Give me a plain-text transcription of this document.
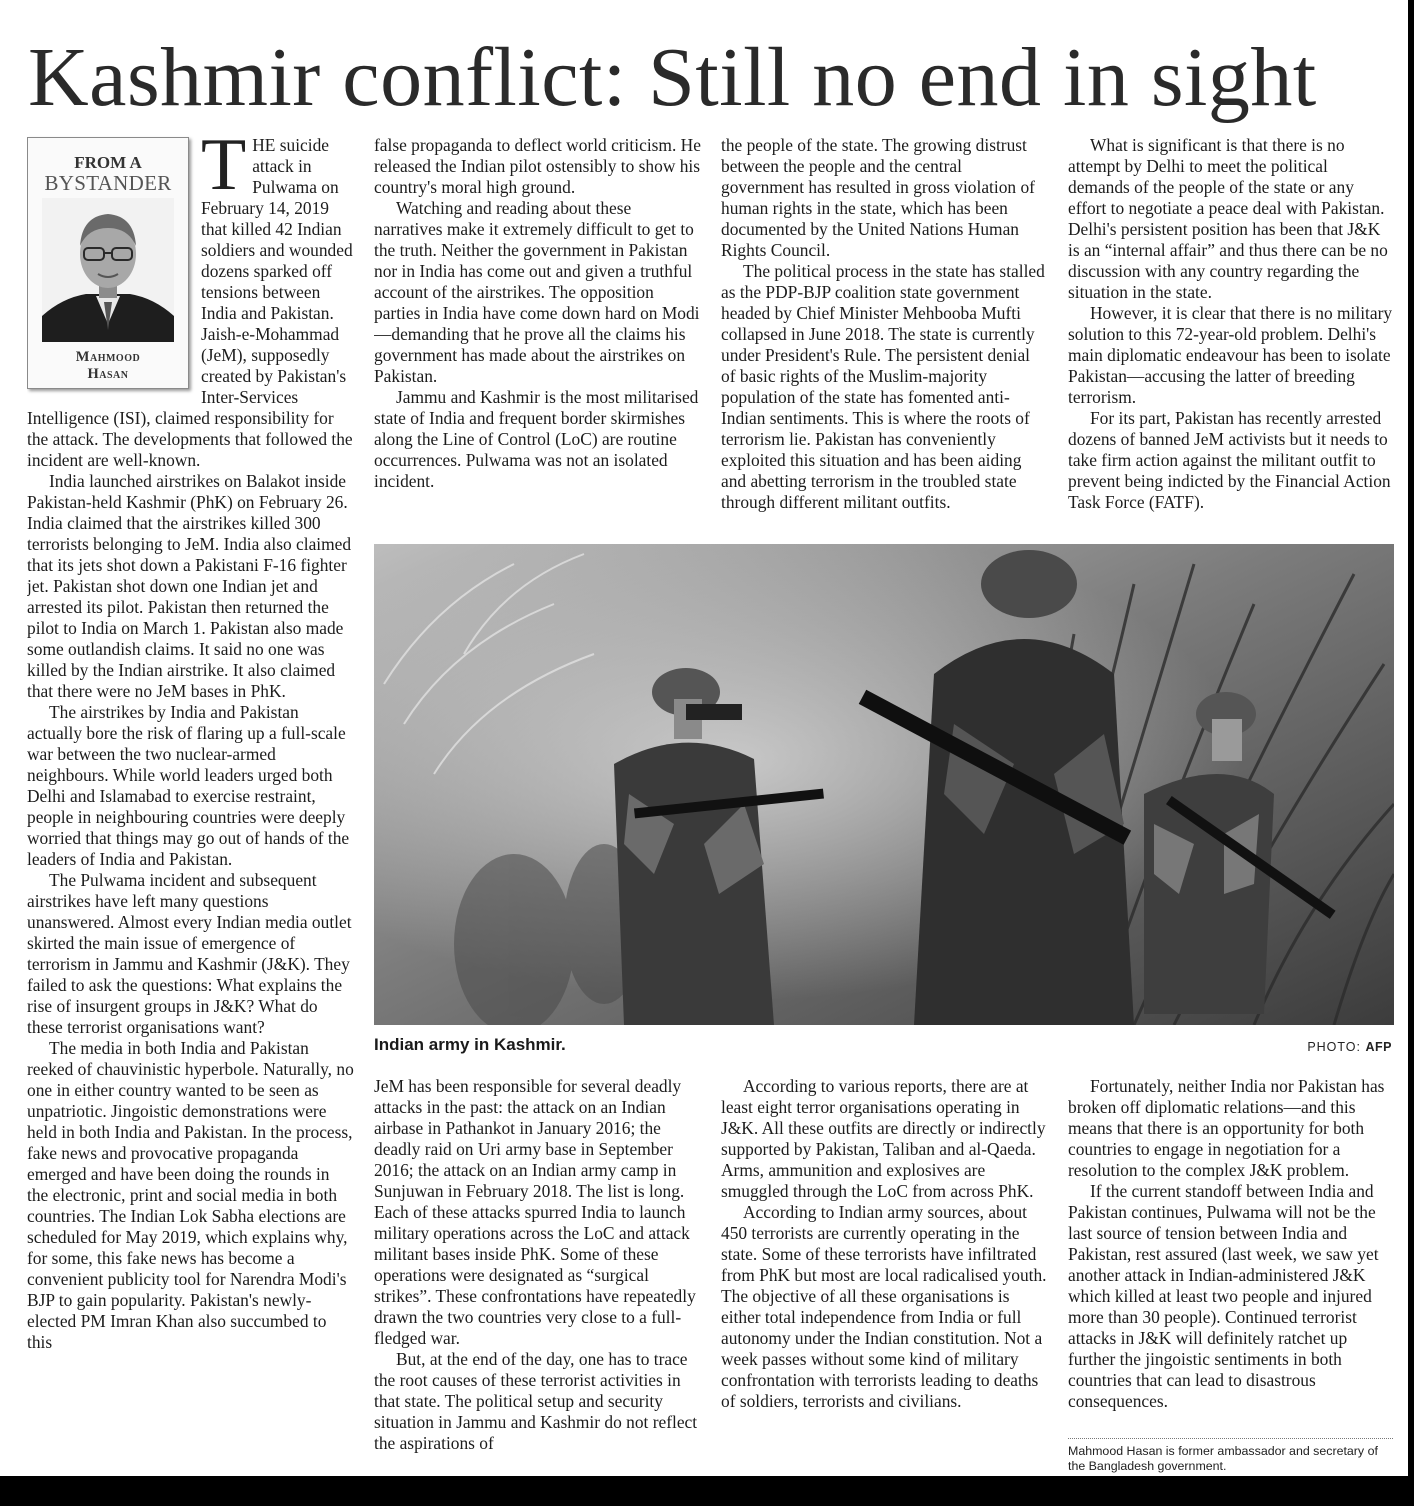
Kashmir conflict: Still no end in sight
FROM A
BYSTANDER
Mahmood
Hasan

THE suicide attack in Pulwama on February 14, 2019 that killed 42 Indian soldiers and wounded dozens sparked off tensions between India and Pakistan. Jaish-e-Mohammad (JeM), supposedly created by Pakistan's Inter-Services Intelligence (ISI), claimed responsibility for the attack. The developments that followed the incident are well-known.

India launched airstrikes on Balakot inside Pakistan-held Kashmir (PhK) on February 26. India claimed that the airstrikes killed 300 terrorists belonging to JeM. India also claimed that its jets shot down a Pakistani F-16 fighter jet. Pakistan shot down one Indian jet and arrested its pilot. Pakistan then returned the pilot to India on March 1. Pakistan also made some outlandish claims. It said no one was killed by the Indian airstrike. It also claimed that there were no JeM bases in PhK.

The airstrikes by India and Pakistan actually bore the risk of flaring up a full-scale war between the two nuclear-armed neighbours. While world leaders urged both Delhi and Islamabad to exercise restraint, people in neighbouring countries were deeply worried that things may go out of hands of the leaders of India and Pakistan.

The Pulwama incident and subsequent airstrikes have left many questions unanswered. Almost every Indian media outlet skirted the main issue of emergence of terrorism in Jammu and Kashmir (J&K). They failed to ask the questions: What explains the rise of insurgent groups in J&K? What do these terrorist organisations want?

The media in both India and Pakistan reeked of chauvinistic hyperbole. Naturally, no one in either country wanted to be seen as unpatriotic. Jingoistic demonstrations were held in both India and Pakistan. In the process, fake news and provocative propaganda emerged and have been doing the rounds in the electronic, print and social media in both countries. The Indian Lok Sabha elections are scheduled for May 2019, which explains why, for some, this fake news has become a convenient publicity tool for Narendra Modi's BJP to gain popularity. Pakistan's newly-elected PM Imran Khan also succumbed to this

false propaganda to deflect world criticism. He released the Indian pilot ostensibly to show his country's moral high ground.

Watching and reading about these narratives make it extremely difficult to get to the truth. Neither the government in Pakistan nor in India has come out and given a truthful account of the airstrikes. The opposition parties in India have come down hard on Modi—demanding that he prove all the claims his government has made about the airstrikes on Pakistan.

Jammu and Kashmir is the most militarised state of India and frequent border skirmishes along the Line of Control (LoC) are routine occurrences. Pulwama was not an isolated incident.

the people of the state. The growing distrust between the people and the central government has resulted in gross violation of human rights in the state, which has been documented by the United Nations Human Rights Council.

The political process in the state has stalled as the PDP-BJP coalition state government headed by Chief Minister Mehbooba Mufti collapsed in June 2018. The state is currently under President's Rule. The persistent denial of basic rights of the Muslim-majority population of the state has fomented anti-Indian sentiments. This is where the roots of terrorism lie. Pakistan has conveniently exploited this situation and has been aiding and abetting terrorism in the troubled state through different militant outfits.

What is significant is that there is no attempt by Delhi to meet the political demands of the people of the state or any effort to negotiate a peace deal with Pakistan. Delhi's persistent position has been that J&K is an “internal affair” and thus there can be no discussion with any country regarding the situation in the state.

However, it is clear that there is no military solution to this 72-year-old problem. Delhi's main diplomatic endeavour has been to isolate Pakistan—accusing the latter of breeding terrorism.

For its part, Pakistan has recently arrested dozens of banned JeM activists but it needs to take firm action against the militant outfit to prevent being indicted by the Financial Action Task Force (FATF).

Indian army in Kashmir.	PHOTO: AFP

JeM has been responsible for several deadly attacks in the past: the attack on an Indian airbase in Pathankot in January 2016; the deadly raid on Uri army base in September 2016; the attack on an Indian army camp in Sunjuwan in February 2018. The list is long. Each of these attacks spurred India to launch military operations across the LoC and attack militant bases inside PhK. Some of these operations were designated as “surgical strikes”. These confrontations have repeatedly drawn the two countries very close to a full-fledged war.

But, at the end of the day, one has to trace the root causes of these terrorist activities in that state. The political setup and security situation in Jammu and Kashmir do not reflect the aspirations of

According to various reports, there are at least eight terror organisations operating in J&K. All these outfits are directly or indirectly supported by Pakistan, Taliban and al-Qaeda. Arms, ammunition and explosives are smuggled through the LoC from across PhK.

According to Indian army sources, about 450 terrorists are currently operating in the state. Some of these terrorists have infiltrated from PhK but most are local radicalised youth. The objective of all these organisations is either total independence from India or full autonomy under the Indian constitution. Not a week passes without some kind of military confrontation with terrorists leading to deaths of soldiers, terrorists and civilians.

Fortunately, neither India nor Pakistan has broken off diplomatic relations—and this means that there is an opportunity for both countries to engage in negotiation for a resolution to the complex J&K problem.

If the current standoff between India and Pakistan continues, Pulwama will not be the last source of tension between India and Pakistan, rest assured (last week, we saw yet another attack in Indian-administered J&K which killed at least two people and injured more than 30 people). Continued terrorist attacks in J&K will definitely ratchet up further the jingoistic sentiments in both countries that can lead to disastrous consequences.

Mahmood Hasan is former ambassador and secretary of the Bangladesh government.
